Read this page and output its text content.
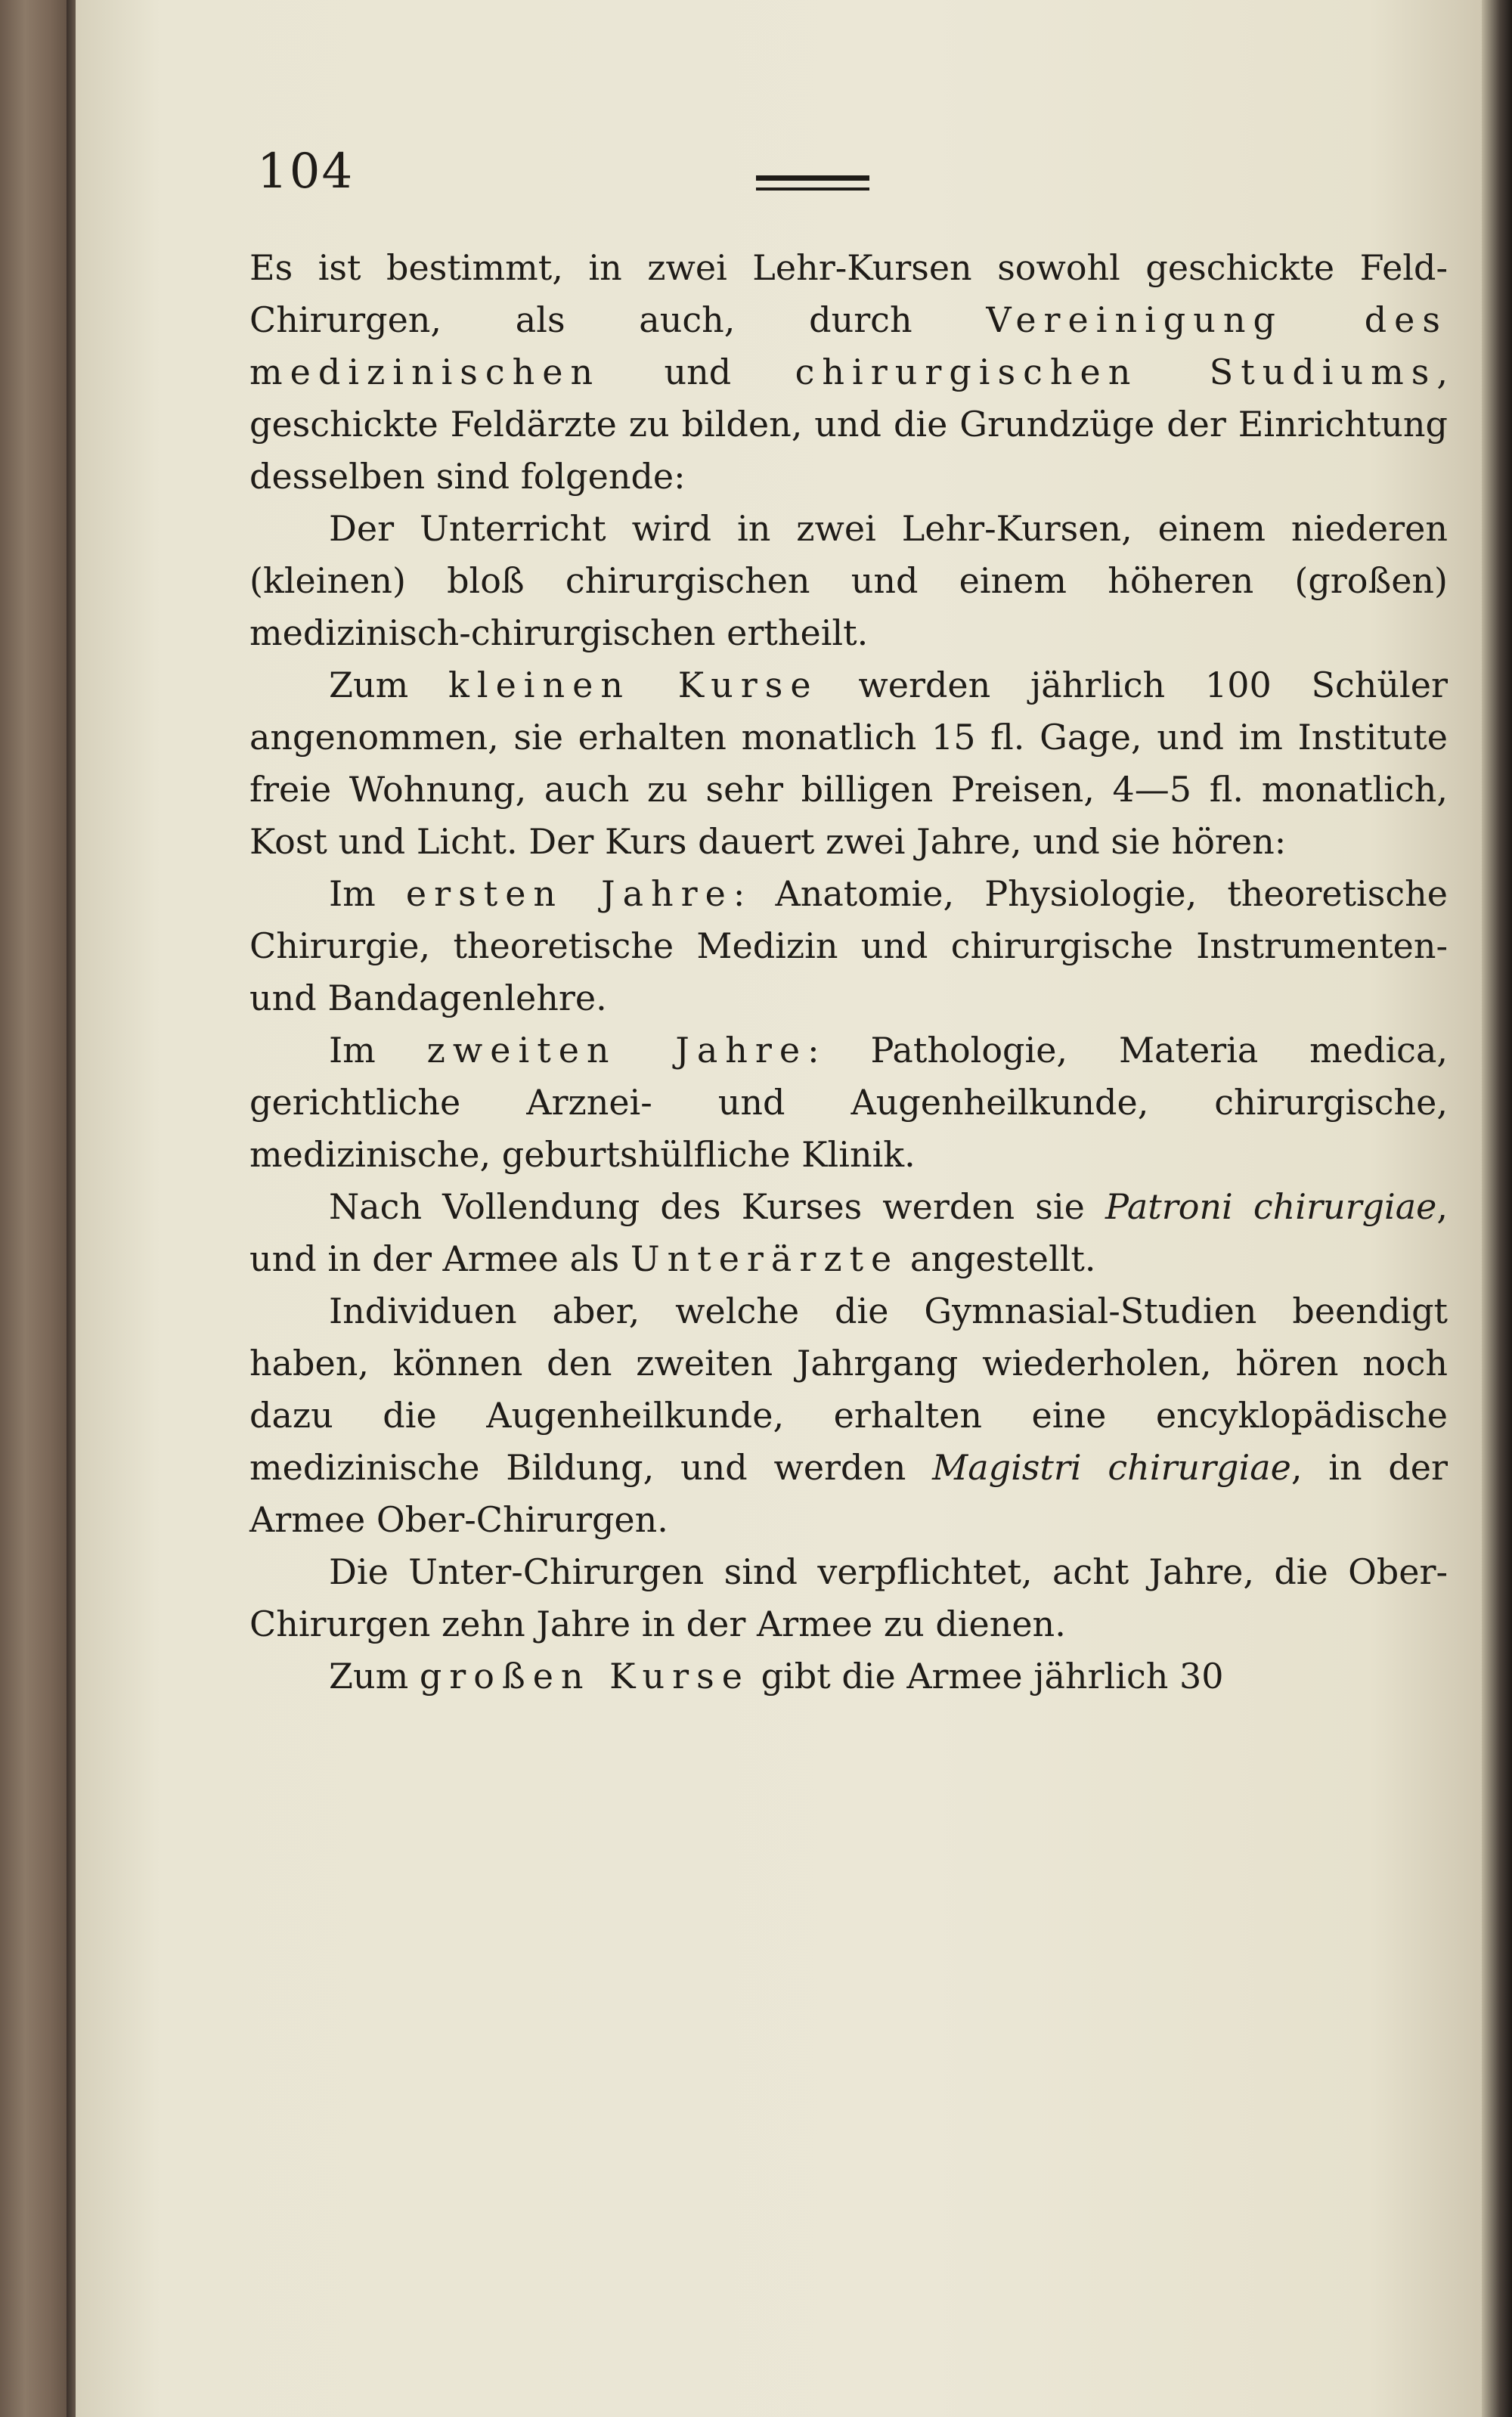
104

Es ist bestimmt, in zwei Lehr-Kursen sowohl geschickte Feld-Chirurgen, als auch, durch Vereinigung des medizinischen und chirurgischen Studiums, geschickte Feldärzte zu bilden, und die Grundzüge der Einrichtung desselben sind folgende:

Der Unterricht wird in zwei Lehr-Kursen, einem niederen (kleinen) bloß chirurgischen und einem höheren (großen) medizinisch-chirurgischen ertheilt.

Zum kleinen Kurse werden jährlich 100 Schüler angenommen, sie erhalten monatlich 15 fl. Gage, und im Institute freie Wohnung, auch zu sehr billigen Preisen, 4—5 fl. monatlich, Kost und Licht. Der Kurs dauert zwei Jahre, und sie hören:

Im ersten Jahre: Anatomie, Physiologie, theoretische Chirurgie, theoretische Medizin und chirurgische Instrumenten- und Bandagenlehre.

Im zweiten Jahre: Pathologie, Materia medica, gerichtliche Arznei- und Augenheilkunde, chirurgische, medizinische, geburtshülfliche Klinik.

Nach Vollendung des Kurses werden sie Patroni chirurgiae, und in der Armee als Unterärzte angestellt.

Individuen aber, welche die Gymnasial-Studien beendigt haben, können den zweiten Jahrgang wiederholen, hören noch dazu die Augenheilkunde, erhalten eine encyklopädische medizinische Bildung, und werden Magistri chirurgiae, in der Armee Ober-Chirurgen.

Die Unter-Chirurgen sind verpflichtet, acht Jahre, die Ober-Chirurgen zehn Jahre in der Armee zu dienen.

Zum großen Kurse gibt die Armee jährlich 30
